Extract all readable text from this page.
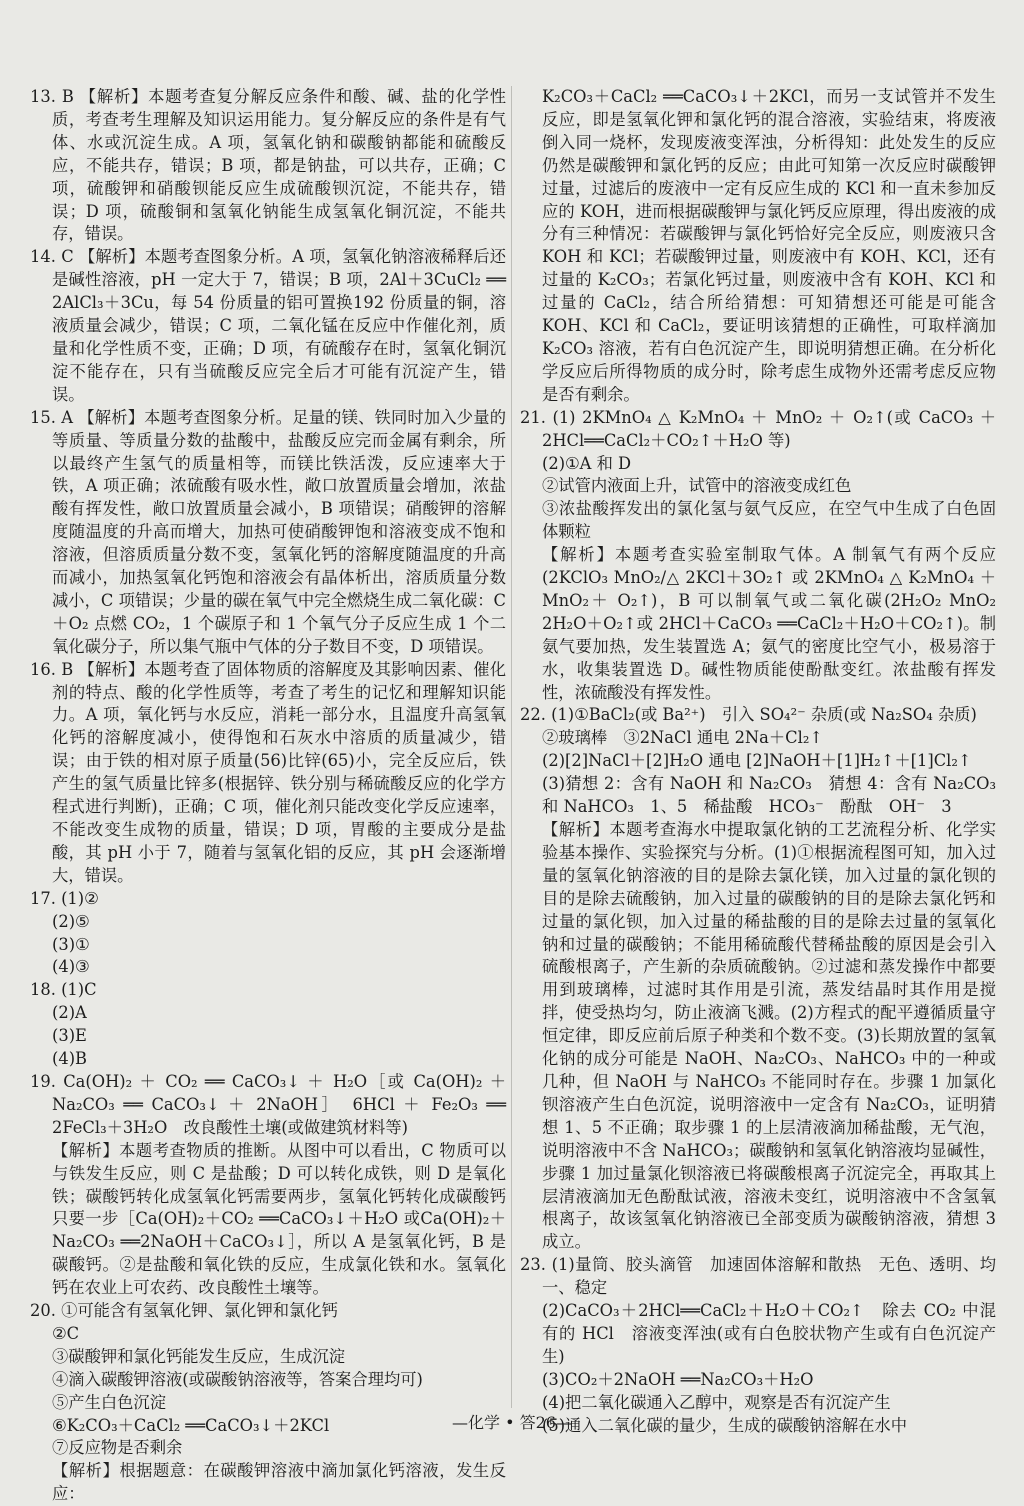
13. B 【解析】本题考查复分解反应条件和酸、碱、盐的化学性质，考查考生理解及知识运用能力。复分解反应的条件是有气体、水或沉淀生成。A 项，氢氧化钠和碳酸钠都能和硫酸反应，不能共存，错误；B 项，都是钠盐，可以共存，正确；C 项，硫酸钾和硝酸钡能反应生成硫酸钡沉淀，不能共存，错误；D 项，硫酸铜和氢氧化钠能生成氢氧化铜沉淀，不能共存，错误。

14. C 【解析】本题考查图象分析。A 项，氢氧化钠溶液稀释后还是碱性溶液，pH 一定大于 7，错误；B 项，2Al＋3CuCl₂ ══ 2AlCl₃＋3Cu，每 54 份质量的铝可置换192 份质量的铜，溶液质量会减少，错误；C 项，二氧化锰在反应中作催化剂，质量和化学性质不变，正确；D 项，有硫酸存在时，氢氧化铜沉淀不能存在，只有当硫酸反应完全后才可能有沉淀产生，错误。

15. A 【解析】本题考查图象分析。足量的镁、铁同时加入少量的等质量、等质量分数的盐酸中，盐酸反应完而金属有剩余，所以最终产生氢气的质量相等，而镁比铁活泼，反应速率大于铁，A 项正确；浓硫酸有吸水性，敞口放置质量会增加，浓盐酸有挥发性，敞口放置质量会减小，B 项错误；硝酸钾的溶解度随温度的升高而增大，加热可使硝酸钾饱和溶液变成不饱和溶液，但溶质质量分数不变，氢氧化钙的溶解度随温度的升高而减小，加热氢氧化钙饱和溶液会有晶体析出，溶质质量分数减小，C 项错误；少量的碳在氧气中完全燃烧生成二氧化碳：C＋O₂ 点燃 CO₂，1 个碳原子和 1 个氧气分子反应生成 1 个二氧化碳分子，所以集气瓶中气体的分子数目不变，D 项错误。

16. B 【解析】本题考查了固体物质的溶解度及其影响因素、催化剂的特点、酸的化学性质等，考查了考生的记忆和理解知识能力。A 项，氧化钙与水反应，消耗一部分水，且温度升高氢氧化钙的溶解度减小，使得饱和石灰水中溶质的质量减少，错误；由于铁的相对原子质量(56)比锌(65)小，完全反应后，铁产生的氢气质量比锌多(根据锌、铁分别与稀硫酸反应的化学方程式进行判断)，正确；C 项，催化剂只能改变化学反应速率，不能改变生成物的质量，错误；D 项，胃酸的主要成分是盐酸，其 pH 小于 7，随着与氢氧化铝的反应，其 pH 会逐渐增大，错误。

17. (1)②

(2)⑤

(3)①

(4)③

18. (1)C

(2)A

(3)E

(4)B

19. Ca(OH)₂ ＋ CO₂ ══ CaCO₃↓ ＋ H₂O［或 Ca(OH)₂ ＋ Na₂CO₃ ══ CaCO₃↓ ＋ 2NaOH］　6HCl ＋ Fe₂O₃ ══ 2FeCl₃＋3H₂O　改良酸性土壤(或做建筑材料等)

【解析】本题考查物质的推断。从图中可以看出，C 物质可以与铁发生反应，则 C 是盐酸；D 可以转化成铁，则 D 是氧化铁；碳酸钙转化成氢氧化钙需要两步，氢氧化钙转化成碳酸钙只要一步［Ca(OH)₂＋CO₂ ══CaCO₃↓＋H₂O 或Ca(OH)₂＋Na₂CO₃ ══2NaOH＋CaCO₃↓］，所以 A 是氢氧化钙，B 是碳酸钙。②是盐酸和氧化铁的反应，生成氯化铁和水。氢氧化钙在农业上可农药、改良酸性土壤等。

20. ①可能含有氢氧化钾、氯化钾和氯化钙

②C

③碳酸钾和氯化钙能发生反应，生成沉淀

④滴入碳酸钾溶液(或碳酸钠溶液等，答案合理均可)

⑤产生白色沉淀

⑥K₂CO₃＋CaCl₂ ══CaCO₃↓＋2KCl

⑦反应物是否剩余

【解析】根据题意：在碳酸钾溶液中滴加氯化钙溶液，发生反应：

K₂CO₃＋CaCl₂ ══CaCO₃↓＋2KCl，而另一支试管并不发生反应，即是氢氧化钾和氯化钙的混合溶液，实验结束，将废液倒入同一烧杯，发现废液变浑浊，分析得知：此处发生的反应仍然是碳酸钾和氯化钙的反应；由此可知第一次反应时碳酸钾过量，过滤后的废液中一定有反应生成的 KCl 和一直未参加反应的 KOH，进而根据碳酸钾与氯化钙反应原理，得出废液的成分有三种情况：若碳酸钾与氯化钙恰好完全反应，则废液只含 KOH 和 KCl；若碳酸钾过量，则废液中有 KOH、KCl，还有过量的 K₂CO₃；若氯化钙过量，则废液中含有 KOH、KCl 和过量的 CaCl₂，结合所给猜想：可知猜想还可能是可能含 KOH、KCl 和 CaCl₂，要证明该猜想的正确性，可取样滴加 K₂CO₃ 溶液，若有白色沉淀产生，即说明猜想正确。在分析化学反应后所得物质的成分时，除考虑生成物外还需考虑反应物是否有剩余。

21. (1) 2KMnO₄ △ K₂MnO₄ ＋ MnO₂ ＋ O₂↑(或 CaCO₃ ＋ 2HCl══CaCl₂＋CO₂↑＋H₂O 等)

(2)①A 和 D

②试管内液面上升，试管中的溶液变成红色

③浓盐酸挥发出的氯化氢与氨气反应，在空气中生成了白色固体颗粒

【解析】本题考查实验室制取气体。A 制氧气有两个反应(2KClO₃ MnO₂/△ 2KCl＋3O₂↑ 或 2KMnO₄ △ K₂MnO₄ ＋ MnO₂＋ O₂↑)，B 可以制氧气或二氧化碳(2H₂O₂ MnO₂ 2H₂O＋O₂↑或 2HCl＋CaCO₃ ══CaCl₂＋H₂O＋CO₂↑)。制氨气要加热，发生装置选 A；氨气的密度比空气小，极易溶于水，收集装置选 D。碱性物质能使酚酞变红。浓盐酸有挥发性，浓硫酸没有挥发性。

22. (1)①BaCl₂(或 Ba²⁺)　引入 SO₄²⁻ 杂质(或 Na₂SO₄ 杂质)

②玻璃棒　③2NaCl 通电 2Na＋Cl₂↑

(2)[2]NaCl＋[2]H₂O 通电 [2]NaOH＋[1]H₂↑＋[1]Cl₂↑

(3)猜想 2：含有 NaOH 和 Na₂CO₃　猜想 4：含有 Na₂CO₃ 和 NaHCO₃　1、5　稀盐酸　HCO₃⁻　酚酞　OH⁻　3

【解析】本题考查海水中提取氯化钠的工艺流程分析、化学实验基本操作、实验探究与分析。(1)①根据流程图可知，加入过量的氢氧化钠溶液的目的是除去氯化镁，加入过量的氯化钡的目的是除去硫酸钠，加入过量的碳酸钠的目的是除去氯化钙和过量的氯化钡，加入过量的稀盐酸的目的是除去过量的氢氧化钠和过量的碳酸钠；不能用稀硫酸代替稀盐酸的原因是会引入硫酸根离子，产生新的杂质硫酸钠。②过滤和蒸发操作中都要用到玻璃棒，过滤时其作用是引流，蒸发结晶时其作用是搅拌，使受热均匀，防止液滴飞溅。(2)方程式的配平遵循质量守恒定律，即反应前后原子种类和个数不变。(3)长期放置的氢氧化钠的成分可能是 NaOH、Na₂CO₃、NaHCO₃ 中的一种或几种，但 NaOH 与 NaHCO₃ 不能同时存在。步骤 1 加氯化钡溶液产生白色沉淀，说明溶液中一定含有 Na₂CO₃，证明猜想 1、5 不正确；取步骤 1 的上层清液滴加稀盐酸，无气泡，说明溶液中不含 NaHCO₃；碳酸钠和氢氧化钠溶液均显碱性，步骤 1 加过量氯化钡溶液已将碳酸根离子沉淀完全，再取其上层清液滴加无色酚酞试液，溶液未变红，说明溶液中不含氢氧根离子，故该氢氧化钠溶液已全部变质为碳酸钠溶液，猜想 3 成立。

23. (1)量筒、胶头滴管　加速固体溶解和散热　无色、透明、均一、稳定

(2)CaCO₃＋2HCl══CaCl₂＋H₂O＋CO₂↑　除去 CO₂ 中混有的 HCl　溶液变浑浊(或有白色胶状物产生或有白色沉淀产生)

(3)CO₂＋2NaOH ══Na₂CO₃＋H₂O

(4)把二氧化碳通入乙醇中，观察是否有沉淀产生

(5)通入二氧化碳的量少，生成的碳酸钠溶解在水中

—化学 • 答26—
